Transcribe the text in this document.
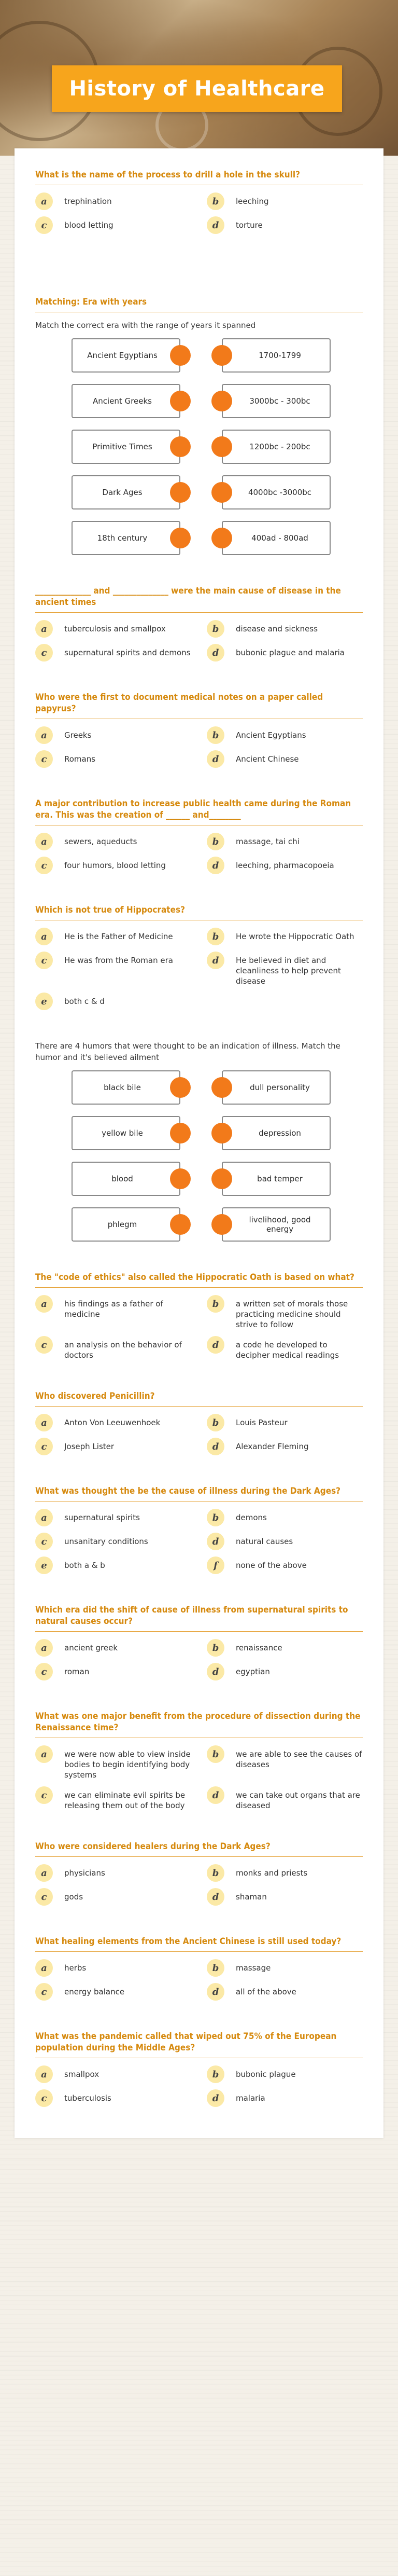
History of Healthcare
What is the name of the process to drill a hole in the skull?
a	trephination	b	leeching
c	blood letting	d	torture
Matching: Era with years
Match the correct era with the range of years it spanned
Ancient Egyptians	1700-1799
Ancient Greeks	3000bc - 300bc
Primitive Times	1200bc - 200bc
Dark Ages	4000bc -3000bc
18th century	400ad - 800ad
______________ and ______________ were the main cause of disease in the ancient times
a	tuberculosis and smallpox	b	disease and sickness
c	supernatural spirits and demons	d	bubonic plague and malaria
Who were the first to document medical notes on a paper called papyrus?
a	Greeks	b	Ancient Egyptians
c	Romans	d	Ancient Chinese
A major contribution to increase public health came during the Roman era. This was the creation of ______ and________
a	sewers, aqueducts	b	massage, tai chi
c	four humors, blood letting	d	leeching, pharmacopoeia
Which is not true of Hippocrates?
a	He is the Father of Medicine	b	He wrote the Hippocratic Oath
c	He was from the Roman era	d	He believed in diet and cleanliness to help prevent disease
e	both c & d
There are 4 humors that were thought to be an indication of illness. Match the humor and it's believed ailment
black bile	dull personality
yellow bile	depression
blood	bad temper
phlegm	livelihood, good energy
The "code of ethics" also called the Hippocratic Oath is based on what?
a	his findings as a father of medicine
b	a written set of morals those practicing medicine should strive to follow
c	an analysis on the behavior of doctors
d	a code he developed to decipher medical readings
Who discovered Penicillin?
a	Anton Von Leeuwenhoek	b	Louis Pasteur
c	Joseph Lister	d	Alexander Fleming
What was thought the be the cause of illness during the Dark Ages?
a	supernatural spirits	b	demons
c	unsanitary conditions	d	natural causes
e	both a & b	f	none of the above
Which era did the shift of cause of illness from supernatural spirits to natural causes occur?
a	ancient greek	b	renaissance
c	roman	d	egyptian
What was one major benefit from the procedure of dissection during the Renaissance time?
a	we were now able to view inside bodies to begin identifying body systems
b	we are able to see the causes of diseases
c	we can eliminate evil spirits be releasing them out of the body
d	we can take out organs that are diseased
Who were considered healers during the Dark Ages?
a	physicians	b	monks and priests
c	gods	d	shaman
What healing elements from the Ancient Chinese is still used today?
a	herbs	b	massage
c	energy balance	d	all of the above
What was the pandemic called that wiped out 75% of the European population during the Middle Ages?
a	smallpox	b	bubonic plague
c	tuberculosis	d	malaria
